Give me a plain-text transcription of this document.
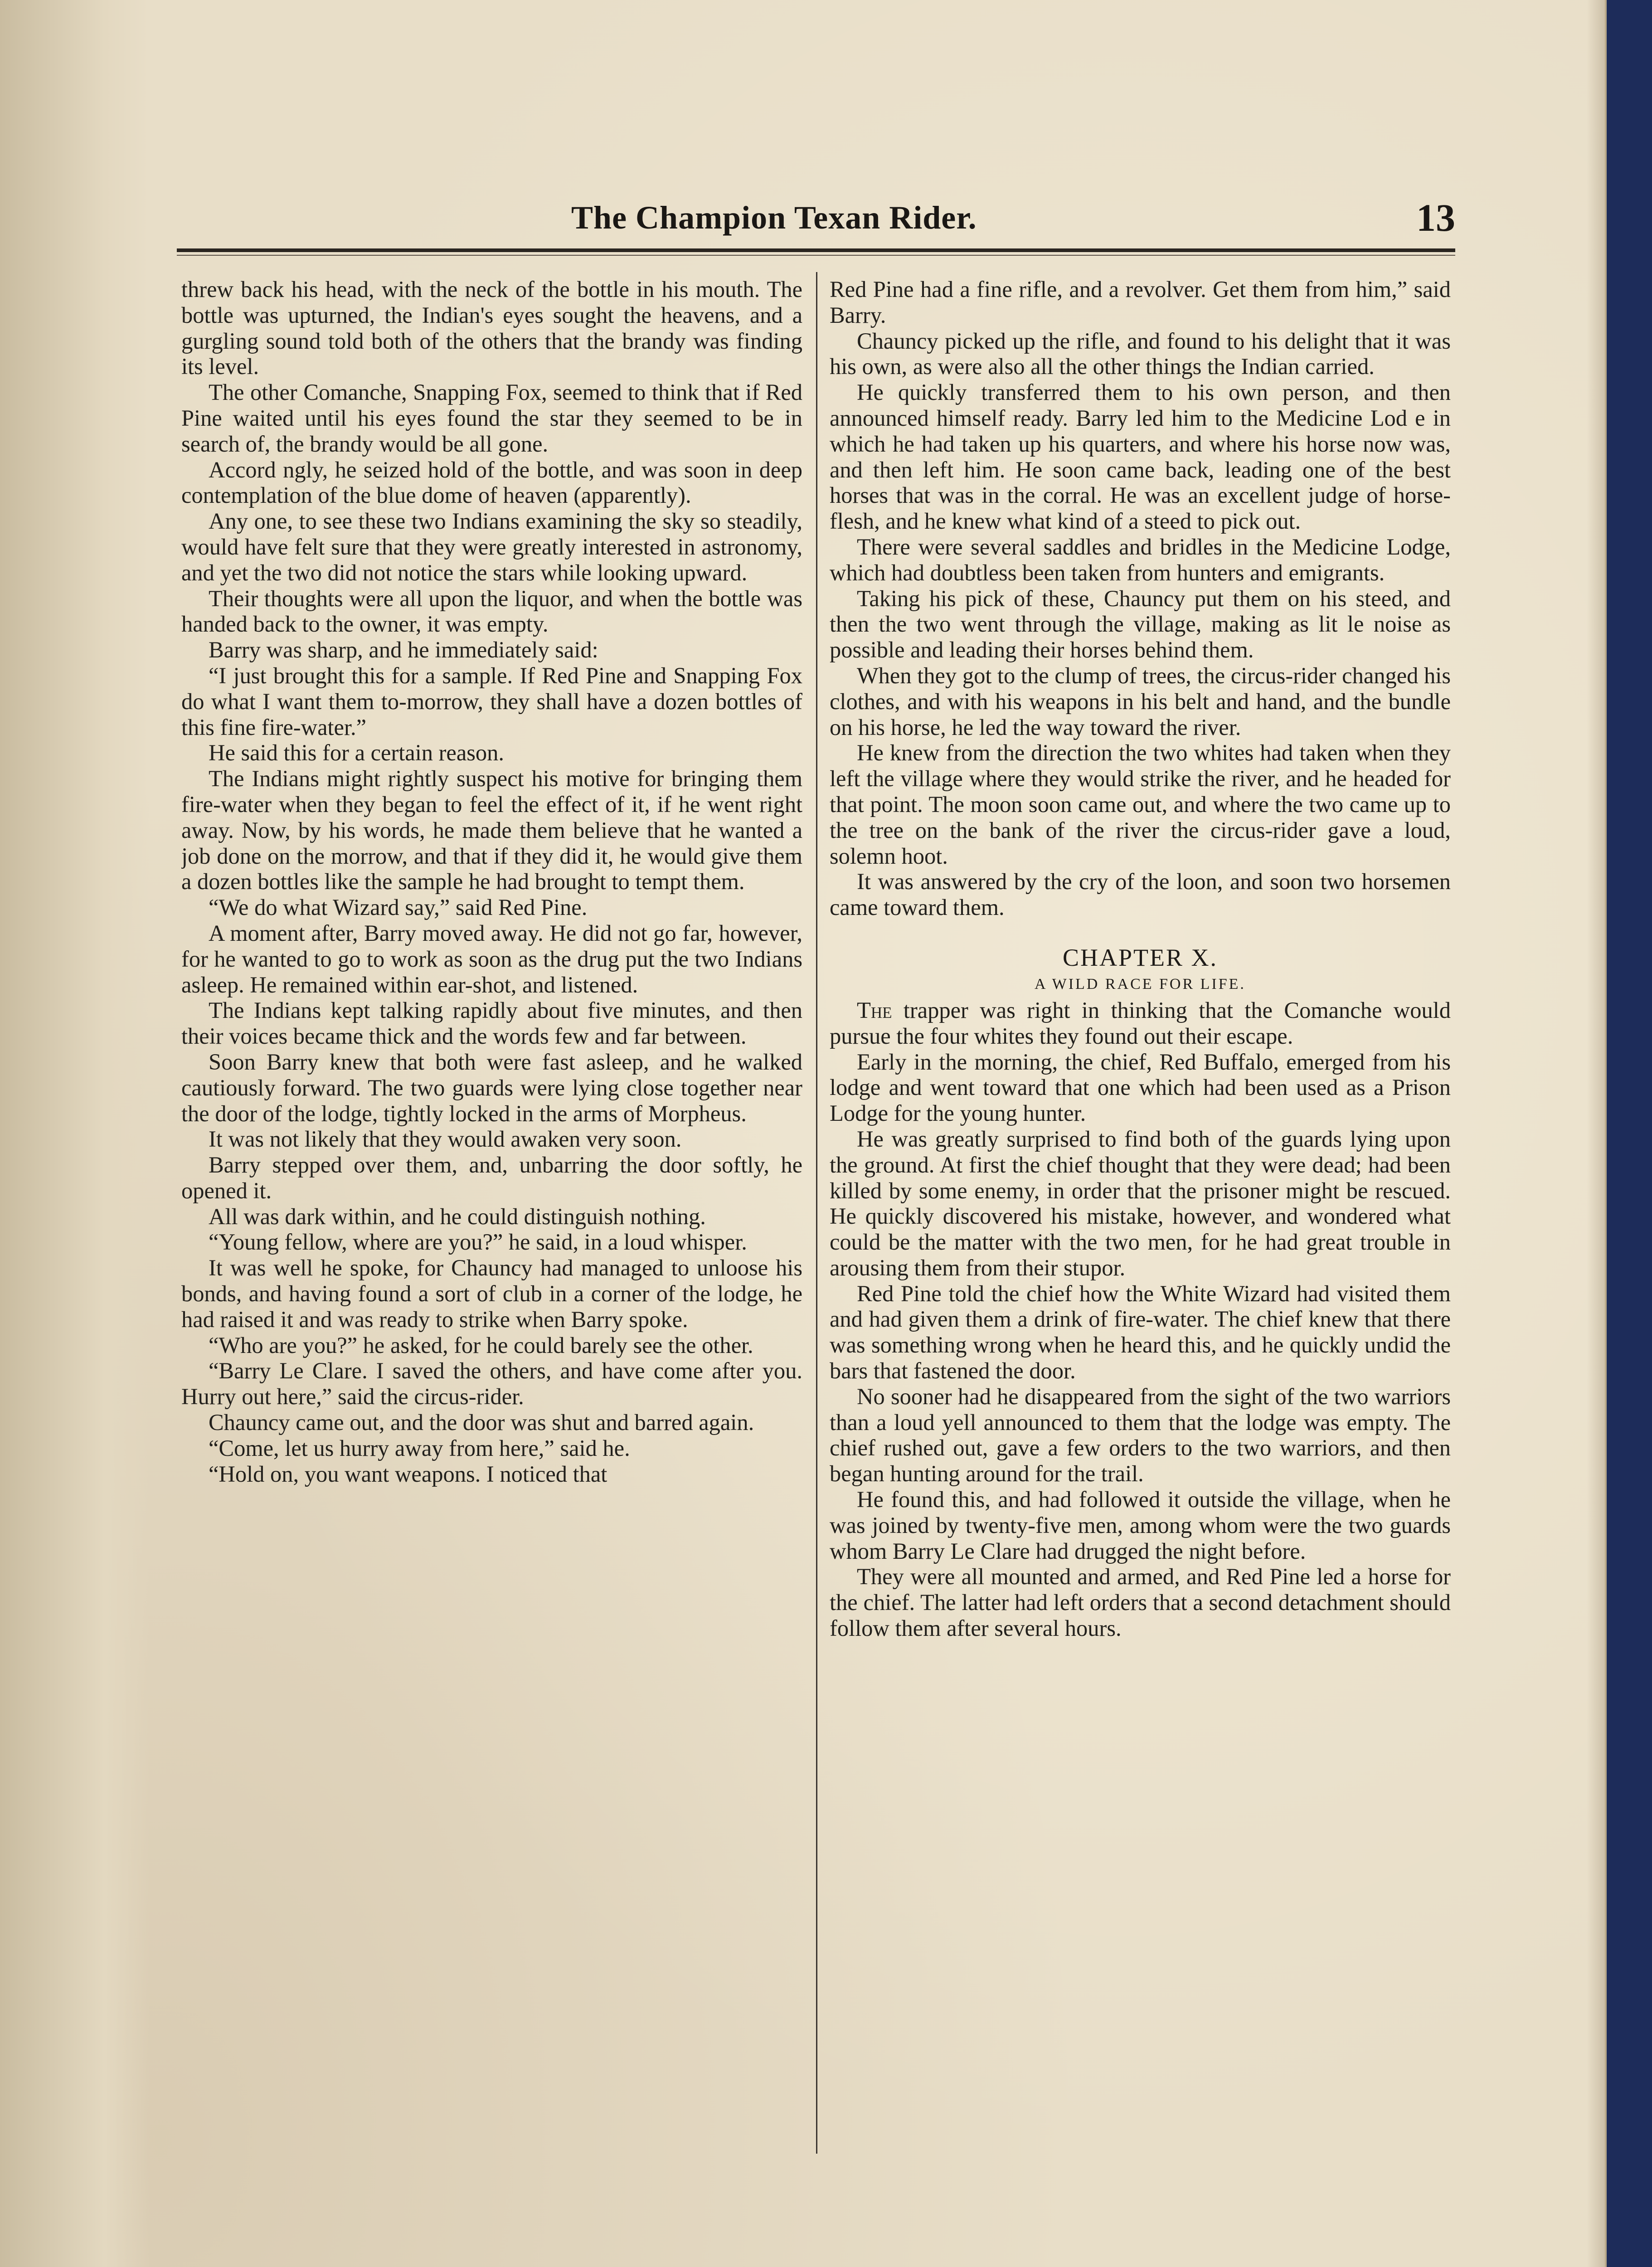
The Champion Texan Rider.	13

threw back his head, with the neck of the bottle in his mouth. The bottle was upturned, the Indian's eyes sought the heavens, and a gurgling sound told both of the others that the brandy was finding its level.

The other Comanche, Snapping Fox, seemed to think that if Red Pine waited until his eyes found the star they seemed to be in search of, the brandy would be all gone.

Accord ngly, he seized hold of the bottle, and was soon in deep contemplation of the blue dome of heaven (apparently).

Any one, to see these two Indians examining the sky so steadily, would have felt sure that they were greatly interested in astronomy, and yet the two did not notice the stars while looking upward.

Their thoughts were all upon the liquor, and when the bottle was handed back to the owner, it was empty.

Barry was sharp, and he immediately said:

“I just brought this for a sample. If Red Pine and Snapping Fox do what I want them to-morrow, they shall have a dozen bottles of this fine fire-water.”

He said this for a certain reason.

The Indians might rightly suspect his motive for bringing them fire-water when they began to feel the effect of it, if he went right away. Now, by his words, he made them believe that he wanted a job done on the morrow, and that if they did it, he would give them a dozen bottles like the sample he had brought to tempt them.

“We do what Wizard say,” said Red Pine.

A moment after, Barry moved away. He did not go far, however, for he wanted to go to work as soon as the drug put the two Indians asleep. He remained within ear-shot, and listened.

The Indians kept talking rapidly about five minutes, and then their voices became thick and the words few and far between.

Soon Barry knew that both were fast asleep, and he walked cautiously forward. The two guards were lying close together near the door of the lodge, tightly locked in the arms of Morpheus.

It was not likely that they would awaken very soon.

Barry stepped over them, and, unbarring the door softly, he opened it.

All was dark within, and he could distinguish nothing.

“Young fellow, where are you?” he said, in a loud whisper.

It was well he spoke, for Chauncy had managed to unloose his bonds, and having found a sort of club in a corner of the lodge, he had raised it and was ready to strike when Barry spoke.

“Who are you?” he asked, for he could barely see the other.

“Barry Le Clare. I saved the others, and have come after you. Hurry out here,” said the circus-rider.

Chauncy came out, and the door was shut and barred again.

“Come, let us hurry away from here,” said he.

“Hold on, you want weapons. I noticed that

Red Pine had a fine rifle, and a revolver. Get them from him,” said Barry.

Chauncy picked up the rifle, and found to his delight that it was his own, as were also all the other things the Indian carried.

He quickly transferred them to his own person, and then announced himself ready. Barry led him to the Medicine Lod e in which he had taken up his quarters, and where his horse now was, and then left him. He soon came back, leading one of the best horses that was in the corral. He was an excellent judge of horse-flesh, and he knew what kind of a steed to pick out.

There were several saddles and bridles in the Medicine Lodge, which had doubtless been taken from hunters and emigrants.

Taking his pick of these, Chauncy put them on his steed, and then the two went through the village, making as lit le noise as possible and leading their horses behind them.

When they got to the clump of trees, the circus-rider changed his clothes, and with his weapons in his belt and hand, and the bundle on his horse, he led the way toward the river.

He knew from the direction the two whites had taken when they left the village where they would strike the river, and he headed for that point. The moon soon came out, and where the two came up to the tree on the bank of the river the circus-rider gave a loud, solemn hoot.

It was answered by the cry of the loon, and soon two horsemen came toward them.

CHAPTER X.
A WILD RACE FOR LIFE.

The trapper was right in thinking that the Comanche would pursue the four whites they found out their escape.

Early in the morning, the chief, Red Buffalo, emerged from his lodge and went toward that one which had been used as a Prison Lodge for the young hunter.

He was greatly surprised to find both of the guards lying upon the ground. At first the chief thought that they were dead; had been killed by some enemy, in order that the prisoner might be rescued. He quickly discovered his mistake, however, and wondered what could be the matter with the two men, for he had great trouble in arousing them from their stupor.

Red Pine told the chief how the White Wizard had visited them and had given them a drink of fire-water. The chief knew that there was something wrong when he heard this, and he quickly undid the bars that fastened the door.

No sooner had he disappeared from the sight of the two warriors than a loud yell announced to them that the lodge was empty. The chief rushed out, gave a few orders to the two warriors, and then began hunting around for the trail.

He found this, and had followed it outside the village, when he was joined by twenty-five men, among whom were the two guards whom Barry Le Clare had drugged the night before.

They were all mounted and armed, and Red Pine led a horse for the chief. The latter had left orders that a second detachment should follow them after several hours.
